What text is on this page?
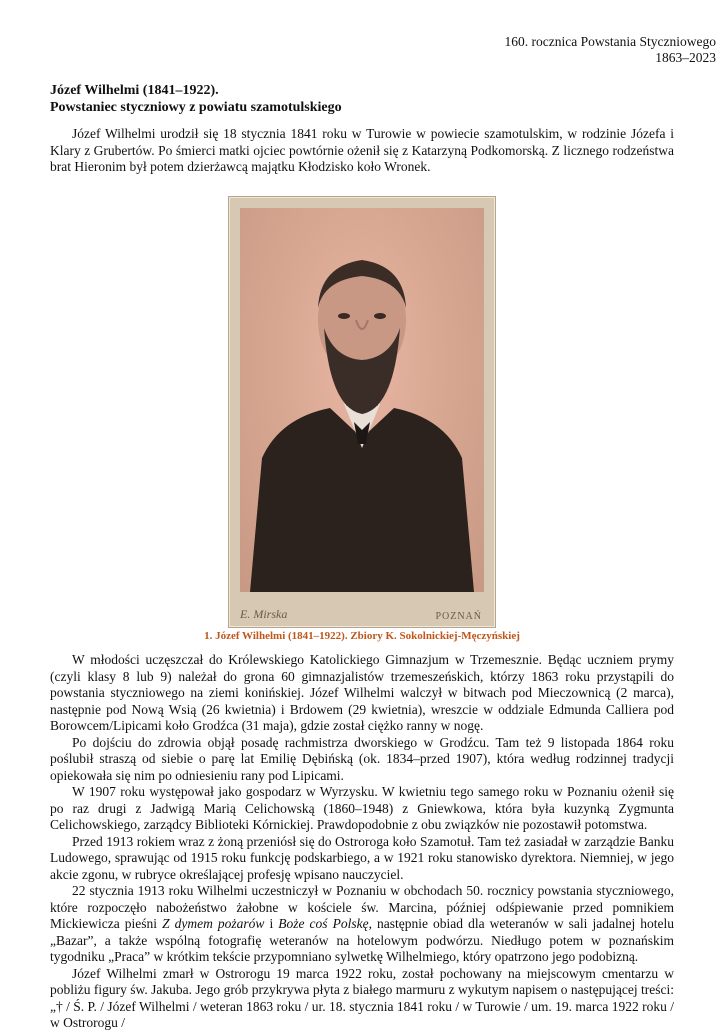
160. rocznica Powstania Styczniowego
1863–2023
Józef Wilhelmi (1841–1922).
Powstaniec styczniowy z powiatu szamotulskiego

Józef Wilhelmi urodził się 18 stycznia 1841 roku w Turowie w powiecie szamotulskim, w rodzinie Józefa i Klary z Grubertów. Po śmierci matki ojciec powtórnie ożenił się z Katarzyną Podkomorską. Z licznego rodzeństwa brat Hieronim był potem dzierżawcą majątku Kłodzisko koło Wronek.

E. Mirska	POZNAŃ
1. Józef Wilhelmi (1841–1922). Zbiory K. Sokolnickiej-Męczyńskiej

W młodości uczęszczał do Królewskiego Katolickiego Gimnazjum w Trzemesznie. Będąc uczniem prymy (czyli klasy 8 lub 9) należał do grona 60 gimnazjalistów trzemeszeńskich, którzy 1863 roku przystąpili do powstania styczniowego na ziemi konińskiej. Józef Wilhelmi walczył w bitwach pod Mieczownicą (2 marca), następnie pod Nową Wsią (26 kwietnia) i Brdowem (29 kwietnia), wreszcie w oddziale Edmunda Calliera pod Borowcem/Lipicami koło Grodźca (31 maja), gdzie został ciężko ranny w nogę.

Po dojściu do zdrowia objął posadę rachmistrza dworskiego w Grodźcu. Tam też 9 listopada 1864 roku poślubił straszą od siebie o parę lat Emilię Dębińską (ok. 1834–przed 1907), która według rodzinnej tradycji opiekowała się nim po odniesieniu rany pod Lipicami.

W 1907 roku występował jako gospodarz w Wyrzysku. W kwietniu tego samego roku w Poznaniu ożenił się po raz drugi z Jadwigą Marią Celichowską (1860–1948) z Gniewkowa, która była kuzynką Zygmunta Celichowskiego, zarządcy Biblioteki Kórnickiej. Prawdopodobnie z obu związków nie pozostawił potomstwa.

Przed 1913 rokiem wraz z żoną przeniósł się do Ostroroga koło Szamotuł. Tam też zasiadał w zarządzie Banku Ludowego, sprawując od 1915 roku funkcję podskarbiego, a w 1921 roku stanowisko dyrektora. Niemniej, w jego akcie zgonu, w rubryce określającej profesję wpisano nauczyciel.

22 stycznia 1913 roku Wilhelmi uczestniczył w Poznaniu w obchodach 50. rocznicy powstania styczniowego, które rozpoczęło nabożeństwo żałobne w kościele św. Marcina, później odśpiewanie przed pomnikiem Mickiewicza pieśni Z dymem pożarów i Boże coś Polskę, następnie obiad dla weteranów w sali jadalnej hotelu „Bazar”, a także wspólną fotografię weteranów na hotelowym podwórzu. Niedługo potem w poznańskim tygodniku „Praca” w krótkim tekście przypomniano sylwetkę Wilhelmiego, który opatrzono jego podobizną.

Józef Wilhelmi zmarł w Ostrorogu 19 marca 1922 roku, został pochowany na miejscowym cmentarzu w pobliżu figury św. Jakuba. Jego grób przykrywa płyta z białego marmuru z wykutym napisem o następującej treści: „† / Ś. P. / Józef Wilhelmi / weteran 1863 roku / ur. 18. stycznia 1841 roku / w Turowie / um. 19. marca 1922 roku / w Ostrorogu /
